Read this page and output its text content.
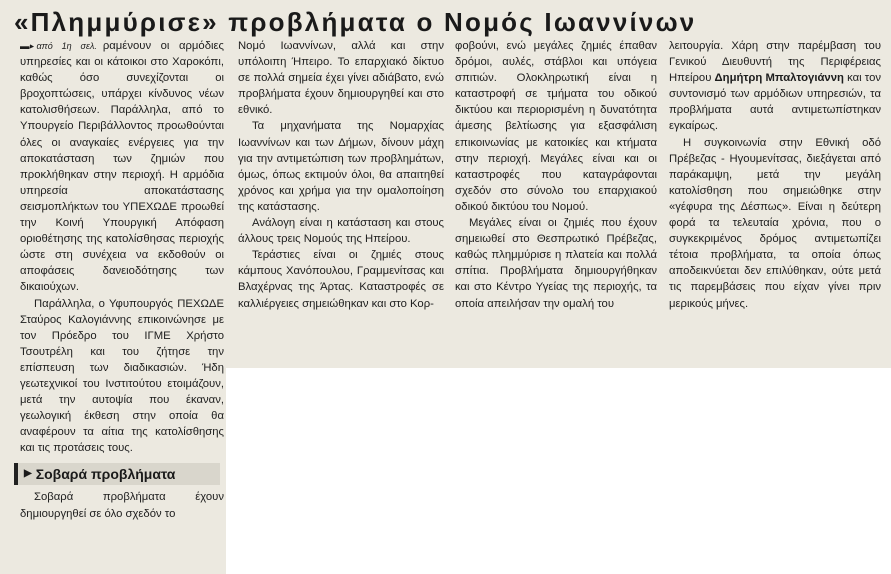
«Πλημμύρισε» προβλήματα ο Νομός Ιωαννίνων

▬▸ από 1η σελ. ραμένουν οι αρμόδιες υπηρεσίες και οι κάτοικοι στο Χαροκόπι, καθώς όσο συνεχίζονται οι βροχοπτώσεις, υπάρχει κίνδυνος νέων κατολισθήσεων. Παράλληλα, από το Υπουργείο Περιβάλλοντος προωθούνται όλες οι αναγκαίες ενέργειες για την αποκατάσταση των ζημιών που προκλήθηκαν στην περιοχή. Η αρμόδια υπηρεσία αποκατάστασης σεισμοπλήκτων του ΥΠΕΧΩΔΕ προωθεί την Κοινή Υπουργική Απόφαση οριοθέτησης της κατολίσθησας περιοχής ώστε στη συνέχεια να εκδοθούν οι αποφάσεις δανειοδότησης των δικαιούχων.

Παράλληλα, ο Υφυπουργός ΠΕΧΩΔΕ Σταύρος Καλογιάννης επικοινώνησε με τον Πρόεδρο του ΙΓΜΕ Χρήστο Τσουτρέλη και του ζήτησε την επίσπευση των διαδικασιών. Ήδη γεωτεχνικοί του Ινστιτούτου ετοιμάζουν, μετά την αυτοψία που έκαναν, γεωλογική έκθεση στην οποία θα αναφέρουν τα αίτια της κατολίσθησης και τις προτάσεις τους.

▶ Σοβαρά προβλήματα

Σοβαρά προβλήματα έχουν δημιουργηθεί σε όλο σχεδόν το

Νομό Ιωαννίνων, αλλά και στην υπόλοιπη Ήπειρο. Το επαρχιακό δίκτυο σε πολλά σημεία έχει γίνει αδιάβατο, ενώ προβλήματα έχουν δημιουργηθεί και στο εθνικό.

Τα μηχανήματα της Νομαρχίας Ιωαννίνων και των Δήμων, δίνουν μάχη για την αντιμετώπιση των προβλημάτων, όμως, όπως εκτιμούν όλοι, θα απαιτηθεί χρόνος και χρήμα για την ομαλοποίηση της κατάστασης.

Ανάλογη είναι η κατάσταση και στους άλλους τρεις Νομούς της Ηπείρου.

Τεράστιες είναι οι ζημιές στους κάμπους Χανόπουλου, Γραμμενίτσας και Βλαχέρνας της Άρτας. Καταστροφές σε καλλιέργειες σημειώθηκαν και στο Κορ-

φοβούνι, ενώ μεγάλες ζημιές έπαθαν δρόμοι, αυλές, στάβλοι και υπόγεια σπιτιών. Ολοκληρωτική είναι η καταστροφή σε τμήματα του οδικού δικτύου και περιορισμένη η δυνατότητα άμεσης βελτίωσης για εξασφάλιση επικοινωνίας με κατοικίες και κτήματα στην περιοχή. Μεγάλες είναι και οι καταστροφές που καταγράφονται σχεδόν στο σύνολο του επαρχιακού οδικού δικτύου του Νομού.

Μεγάλες είναι οι ζημιές που έχουν σημειωθεί στο Θεσπρωτικό Πρέβεζας, καθώς πλημμύρισε η πλατεία και πολλά σπίτια. Προβλήματα δημιουργήθηκαν και στο Κέντρο Υγείας της περιοχής, τα οποία απειλήσαν την ομαλή του

λειτουργία. Χάρη στην παρέμβαση του Γενικού Διευθυντή της Περιφέρειας Ηπείρου Δημήτρη Μπαλτογιάννη και τον συντονισμό των αρμόδιων υπηρεσιών, τα προβλήματα αυτά αντιμετωπίστηκαν εγκαίρως.

Η συγκοινωνία στην Εθνική οδό Πρέβεζας - Ηγουμενίτσας, διεξάγεται από παράκαμψη, μετά την μεγάλη κατολίσθηση που σημειώθηκε στην «γέφυρα της Δέσπως». Είναι η δεύτερη φορά τα τελευταία χρόνια, που ο συγκεκριμένος δρόμος αντιμετωπίζει τέτοια προβλήματα, τα οποία όπως αποδεικνύεται δεν επιλύθηκαν, ούτε μετά τις παρεμβάσεις που είχαν γίνει πριν μερικούς μήνες.
